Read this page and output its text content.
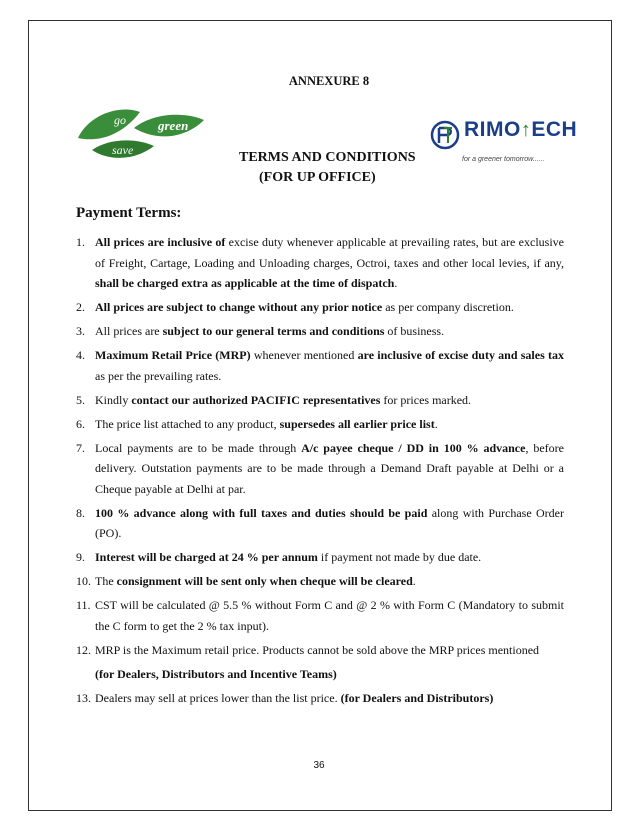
ANNEXURE 8
go green
save
RIMO↑ECH
for a greener tomorrow......
TERMS AND CONDITIONS
(FOR UP OFFICE)
Payment Terms:
1. All prices are inclusive of excise duty whenever applicable at prevailing rates, but are exclusive of Freight, Cartage, Loading and Unloading charges, Octroi, taxes and other local levies, if any, shall be charged extra as applicable at the time of dispatch.
2. All prices are subject to change without any prior notice as per company discretion.
3. All prices are subject to our general terms and conditions of business.
4. Maximum Retail Price (MRP) whenever mentioned are inclusive of excise duty and sales tax as per the prevailing rates.
5. Kindly contact our authorized PACIFIC representatives for prices marked.
6. The price list attached to any product, supersedes all earlier price list.
7. Local payments are to be made through A/c payee cheque / DD in 100 % advance, before delivery. Outstation payments are to be made through a Demand Draft payable at Delhi or a Cheque payable at Delhi at par.
8. 100 % advance along with full taxes and duties should be paid along with Purchase Order (PO).
9. Interest will be charged at 24 % per annum if payment not made by due date.
10. The consignment will be sent only when cheque will be cleared.
11. CST will be calculated @ 5.5 % without Form C and @ 2 % with Form C (Mandatory to submit the C form to get the 2 % tax input).
12. MRP is the Maximum retail price. Products cannot be sold above the MRP prices mentioned
(for Dealers, Distributors and Incentive Teams)
13. Dealers may sell at prices lower than the list price. (for Dealers and Distributors)
36
